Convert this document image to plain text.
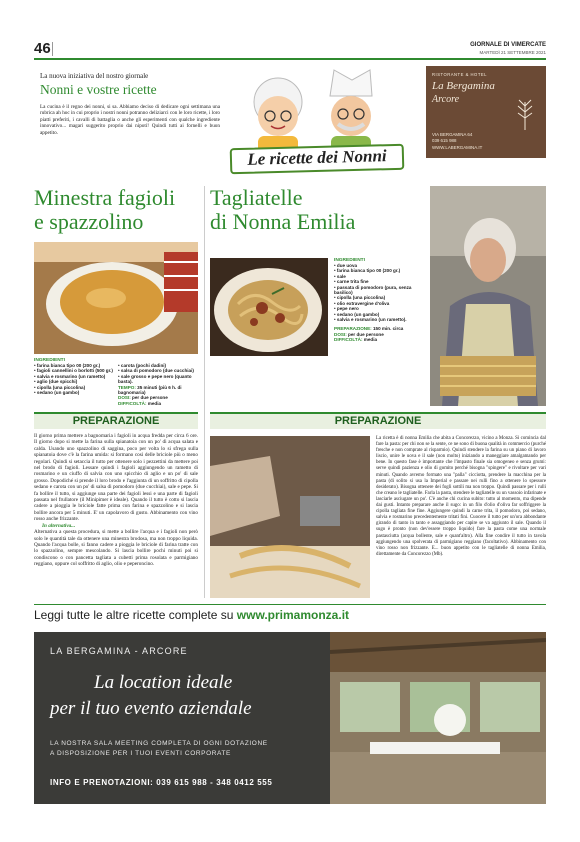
46	GIORNALE DI VIMERCATE
MARTEDÌ 21 SETTEMBRE 2021
La nuova iniziativa del nostro giornale
Nonni e vostre ricette
La cucina è il regno dei nonni, si sa. Abbiamo deciso di dedicare ogni settimana una rubrica ah hoc in cui proprio i nostri nonni potranno deliziarci con le loro ricette, i loro piatti preferiti, i cavalli di battaglia o anche gli esperimenti con qualche ingrediente innovativo... magari suggerito proprio dai nipoti! Quindi tutti ai fornelli e buon appetito.
Le ricette dei Nonni
RISTORANTE & HOTEL
La Bergamina
Arcore
VIA BERGAMINA 64
039 615 988
WWW.LABERGAMINA.IT
Minestra fagioli
e spazzolino
INGREDIENTI
• farina bianca tipo 00 (200 gr.)
• fagioli cannellini o borlotti (500 gr.)
• salvia e rosmarino (un rametto)
• aglio (due spicchi)
• cipolla (una piccolina)
• sedano (un gambo)
• carota (pochi dadini)
• salsa di pomodoro (due cucchiai)
• sale grosso e pepe nero (quanto basta).
TEMPO: 35 minuti (più 6 h. di bagnomaria)
DOSI: per due persone
DIFFICOLTÀ: media
PREPARAZIONE
Il giorno prima mettere a bagnomaria i fagioli in acqua fredda per circa 6 ore. Il giorno dopo si mette la farina sulla spianatoia con un po' di acqua salata e calda. Usando uno spazzolino di saggina, poco per volta lo si sfrega sulla spianatoia dove c'è la farina umida: si formano così delle briciole più o meno regolari. Quindi si setaccia il tutto per ottenere solo i pezzettini da mettere poi nel brodo di fagioli. Lessare quindi i fagioli aggiungendo un rametto di rosmarino e un ciuffo di salvia con uno spicchio di aglio e un po' di sale grosso. Dopodiché si prende il loro brodo e l'aggiunta di un soffritto di cipolla sedano e carota con un po' di salsa di pomodoro (due cucchiai), sale e pepe. Si fa bollire il tutto, si aggiunge una parte dei fagioli lessi e una parte di fagioli passata nel frullatore (il Minipimer è ideale). Quando il tutto è cotto si lascia cadere a pioggia le briciole fatte prima con farina e spazzolino e si lascia bollire ancora per 5 minuti. E' un capolavoro di gusto. Abbinamento con vino rosso anche frizzante.
In alternativa...
Alternativa a questa procedura, si mette a bollire l'acqua e i fagioli non però solo le quantità tale da ottenere una minestra brodosa, ma non troppo liquida. Quando l'acqua bolle, si fanno cadere a pioggia le briciole di farina tratte con lo spazzolino, sempre mescolando. Si lascia bollire pochi minuti poi si condiscono o con pancetta tagliata a cubetti prima rosolata e parmigiano reggiano, oppure col soffritto di aglio, olio e peperoncino.
Tagliatelle
di Nonna Emilia
INGREDIENTI
• due uova
• farina bianca tipo 00 (200 gr.)
• sale
• carne trita fine
• passata di pomodoro (pura, senza basilico)
• cipolla (una piccolina)
• olio extravergine d'oliva
• pepe nero
• sedano (un gambo)
• salvia e rosmarino (un rametto).
PREPARAZIONE: 150 min. circa
DOSI: per due persone
DIFFICOLTÀ: media
PREPARAZIONE
La ricetta è di nonna Emilia che abita a Concorezzo, vicino a Monza. Si comincia dal fare la pasta: per chi non se la sente, ce ne sono di buona qualità in commercio (purché fresche e non comprate al risparmio). Quindi stendere la farina su un piano di lavoro liscio, unire le uova e il sale (non molto) iniziando a maneggiare amalgamando per bene. In questo fase è importante che l'impasto finale sia omogeneo e senza grumi: serve quindi pazienza e olio di gomito perché bisogna "spingere" e rivoltare per vari minuti. Quando avremo formato una "palla" cicciotta, prendere la macchina per la pasta (di solito si usa la Imperial e passare nei rulli fino a ottenere lo spessore desiderato). Bisogna ottenere dei fogli sottili ma non troppo. Quindi passare per i rulli che creano le tagliatelle. Farla la pasta, stendere le tagliatelle su un vassoio infarinate e lasciarle asciugare un po'. C'è anche chi cucina subito: tutto al momento, ma dipende dai gusti. Intanto preparare anche il sugo: in un filo d'olio d'oliva far soffriggere la cipolla tagliata fine fine. Aggiungere quindi la carne trita, il pomodoro, poi sedano, salvia e rosmarino precedentemente tritati fini. Cuocere il tutto per un'ora abbondante girando di tanto in tanto e assaggiando per capire se va aggiunto il sale. Quando il sugo è pronto (non dev'essere troppo liquido) fare la pasta come una normale pastasciutta (acqua bollente, sale e quant'altro). Alla fine condire il tutto in tavola aggiungendo una spolverata di parmigiano reggiano (facoltativo). Abbinamento con vino rosso non frizzante. E... buon appetito con le tagliatelle di nonna Emilia, direttamente da Concorezzo (Mb).
Leggi tutte le altre ricette complete su www.primamonza.it
LA BERGAMINA - ARCORE
La location ideale
per il tuo evento aziendale
LA NOSTRA SALA MEETING COMPLETA DI OGNI DOTAZIONE
A DISPOSIZIONE PER I TUOI EVENTI CORPORATE
INFO E PRENOTAZIONI: 039 615 988 - 348 0412 555
